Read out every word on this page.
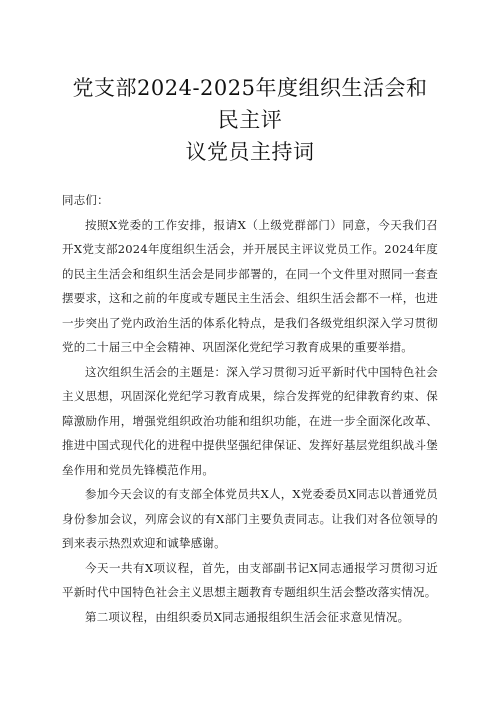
党支部2024-2025年度组织生活会和民主评
议党员主持词

同志们：

按照X党委的工作安排，报请X（上级党群部门）同意，今天我们召开X党支部2024年度组织生活会，并开展民主评议党员工作。2024年度的民主生活会和组织生活会是同步部署的，在同一个文件里对照同一套查摆要求，这和之前的年度或专题民主生活会、组织生活会都不一样，也进一步突出了党内政治生活的体系化特点，是我们各级党组织深入学习贯彻党的二十届三中全会精神、巩固深化党纪学习教育成果的重要举措。

这次组织生活会的主题是：深入学习贯彻习近平新时代中国特色社会主义思想，巩固深化党纪学习教育成果，综合发挥党的纪律教育约束、保障激励作用，增强党组织政治功能和组织功能，在进一步全面深化改革、推进中国式现代化的进程中提供坚强纪律保证、发挥好基层党组织战斗堡垒作用和党员先锋模范作用。

参加今天会议的有支部全体党员共X人，X党委委员X同志以普通党员身份参加会议，列席会议的有X部门主要负责同志。让我们对各位领导的到来表示热烈欢迎和诚挚感谢。

今天一共有X项议程，首先，由支部副书记X同志通报学习贯彻习近平新时代中国特色社会主义思想主题教育专题组织生活会整改落实情况。

第二项议程，由组织委员X同志通报组织生活会征求意见情况。
